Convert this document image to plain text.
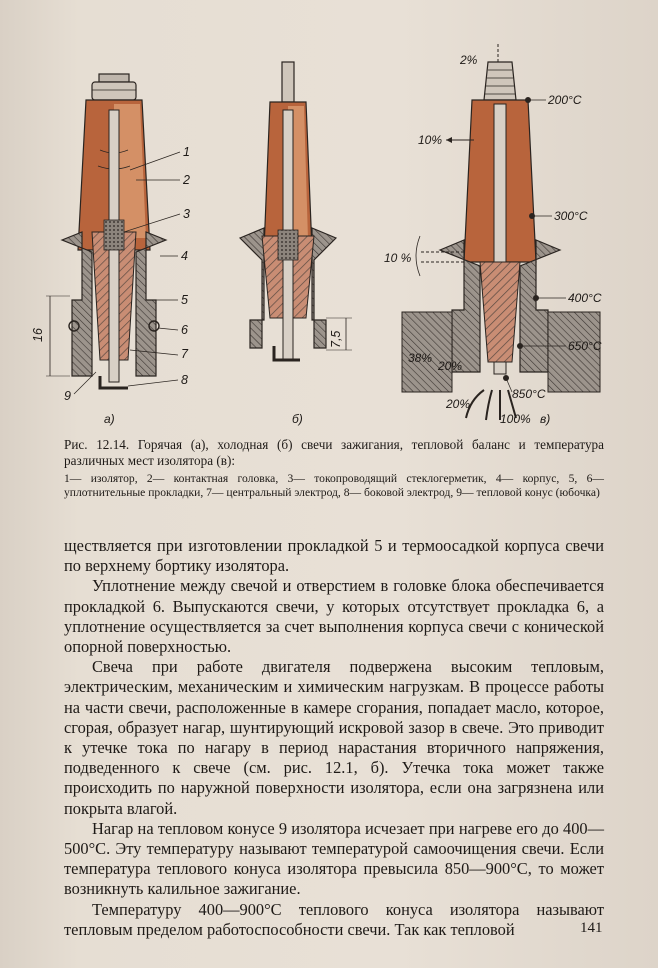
16
1
2
3
4
5
6
7
8
9
а)
7,5
б)
200°С
300°С
400°С
650°С
850°С
2%
10%
10 %
38%
20%
20%
100% в)
Рис. 12.14. Горячая (а), холодная (б) свечи зажигания, тепловой баланс и температура различных мест изолятора (в):
1— изолятор, 2— контактная головка, 3— токопроводящий стеклогерметик, 4— корпус, 5, 6— уплотнительные прокладки, 7— центральный электрод, 8— боковой электрод, 9— тепловой конус (юбочка)

ществляется при изготовлении прокладкой 5 и термоосадкой корпуса свечи по верхнему бортику изолятора.

Уплотнение между свечой и отверстием в головке блока обеспечивается прокладкой 6. Выпускаются свечи, у которых отсутствует прокладка 6, а уплотнение осуществляется за счет выполнения корпуса свечи с конической опорной поверхностью.

Свеча при работе двигателя подвержена высоким тепловым, электрическим, механическим и химическим нагрузкам. В процессе работы на части свечи, расположенные в камере сгорания, попадает масло, которое, сгорая, образует нагар, шунтирующий искровой зазор в свече. Это приводит к утечке тока по нагару в период нарастания вторичного напряжения, подведенного к свече (см. рис. 12.1, б). Утечка тока может также происходить по наружной поверхности изолятора, если она загрязнена или покрыта влагой.

Нагар на тепловом конусе 9 изолятора исчезает при нагреве его до 400—500°С. Эту температуру называют температурой самоочищения свечи. Если температура теплового конуса изолятора превысила 850—900°С, то может возникнуть калильное зажигание.

Температуру 400—900°С теплового конуса изолятора называют тепловым пределом работоспособности свечи. Так как тепловой	141
